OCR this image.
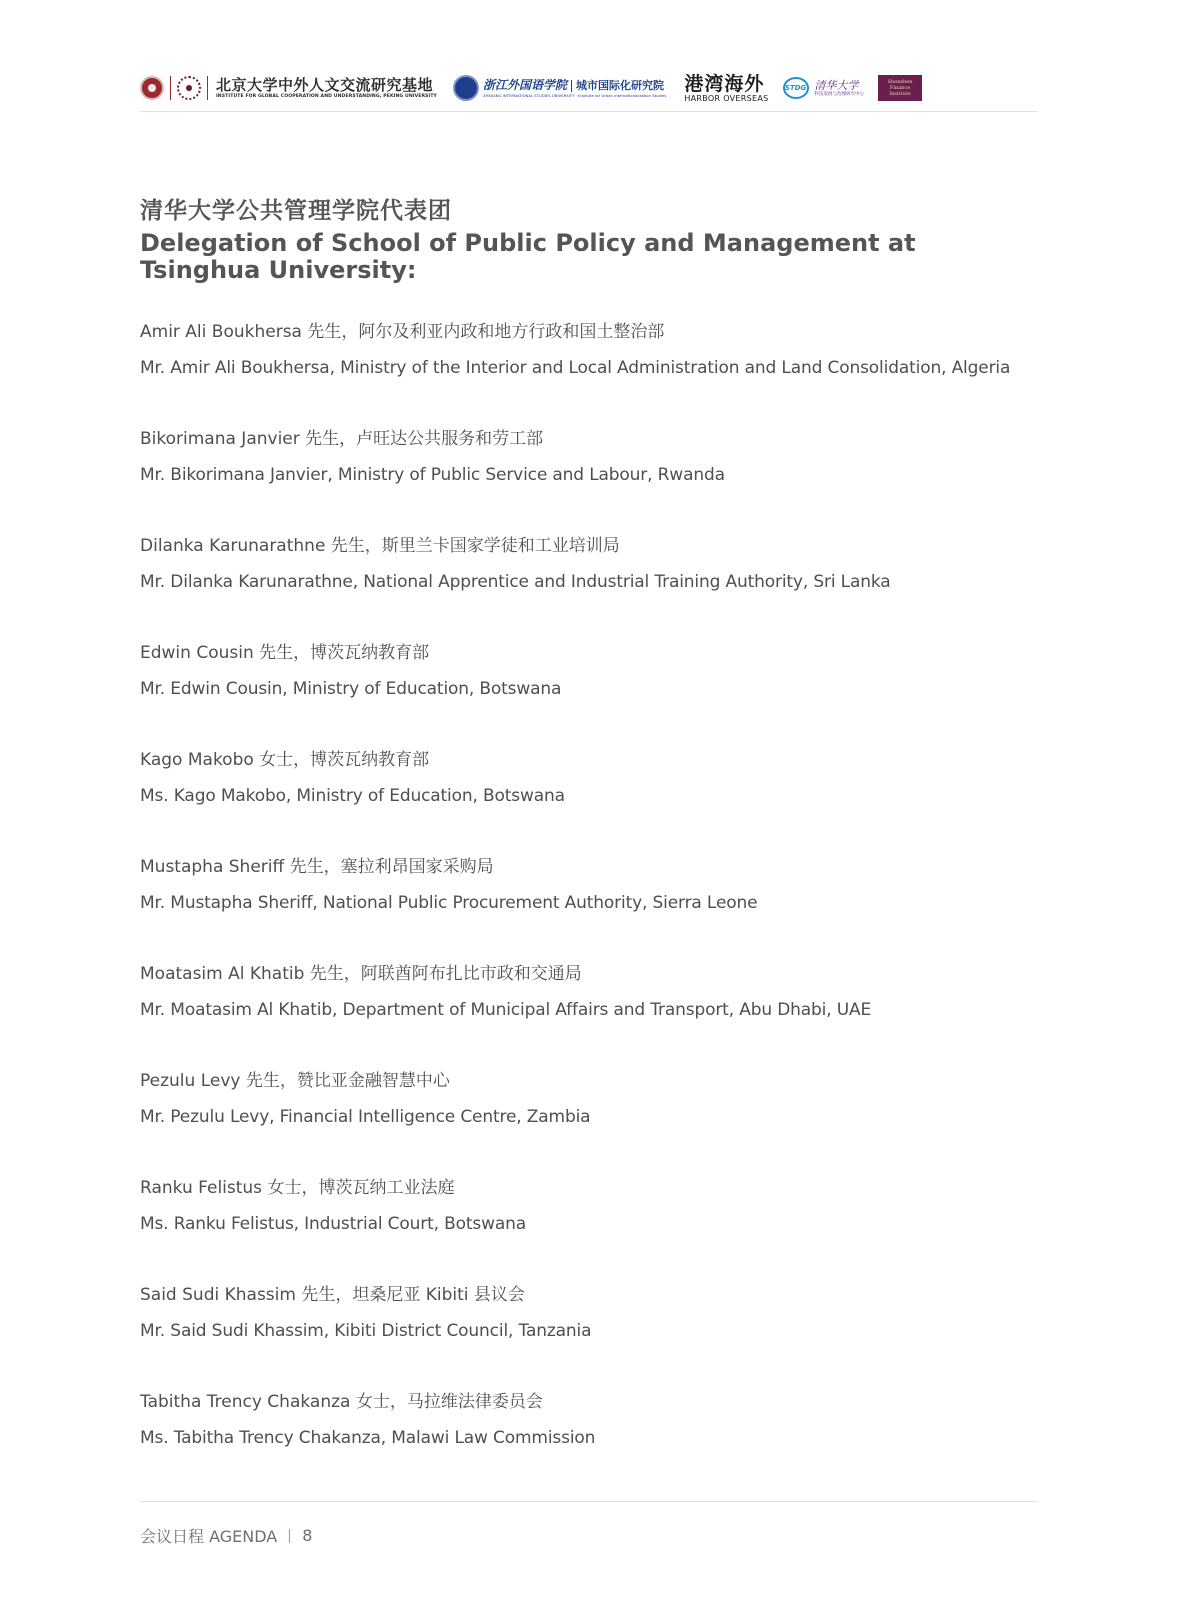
北京大学中外人文交流研究基地
INSTITUTE FOR GLOBAL COOPERATION AND UNDERSTANDING, PEKING UNIVERSITY
浙江外国语学院 城市国际化研究院
ZHEJIANG INTERNATIONAL STUDIES UNIVERSITY · Institute for Urban Internationalization Studies
港湾海外
HARBOR OVERSEAS
STDG 清华大学
科技发展与治理研究中心
Shenzhen Finance Institute
清华大学公共管理学院代表团
Delegation of School of Public Policy and Management at Tsinghua University:
Amir Ali Boukhersa 先生，阿尔及利亚内政和地方行政和国土整治部
Mr. Amir Ali Boukhersa, Ministry of the Interior and Local Administration and Land Consolidation, Algeria
Bikorimana Janvier 先生，卢旺达公共服务和劳工部
Mr. Bikorimana Janvier, Ministry of Public Service and Labour, Rwanda
Dilanka Karunarathne 先生，斯里兰卡国家学徒和工业培训局
Mr. Dilanka Karunarathne, National Apprentice and Industrial Training Authority, Sri Lanka
Edwin Cousin 先生，博茨瓦纳教育部
Mr. Edwin Cousin, Ministry of Education, Botswana
Kago Makobo 女士，博茨瓦纳教育部
Ms. Kago Makobo, Ministry of Education, Botswana
Mustapha Sheriff 先生，塞拉利昂国家采购局
Mr. Mustapha Sheriff, National Public Procurement Authority, Sierra Leone
Moatasim Al Khatib 先生，阿联酋阿布扎比市政和交通局
Mr. Moatasim Al Khatib, Department of Municipal Affairs and Transport, Abu Dhabi, UAE
Pezulu Levy 先生，赞比亚金融智慧中心
Mr. Pezulu Levy, Financial Intelligence Centre, Zambia
Ranku Felistus 女士，博茨瓦纳工业法庭
Ms. Ranku Felistus, Industrial Court, Botswana
Said Sudi Khassim 先生，坦桑尼亚 Kibiti 县议会
Mr. Said Sudi Khassim, Kibiti District Council, Tanzania
Tabitha Trency Chakanza 女士，马拉维法律委员会
Ms. Tabitha Trency Chakanza, Malawi Law Commission
会议日程 AGENDA 8
